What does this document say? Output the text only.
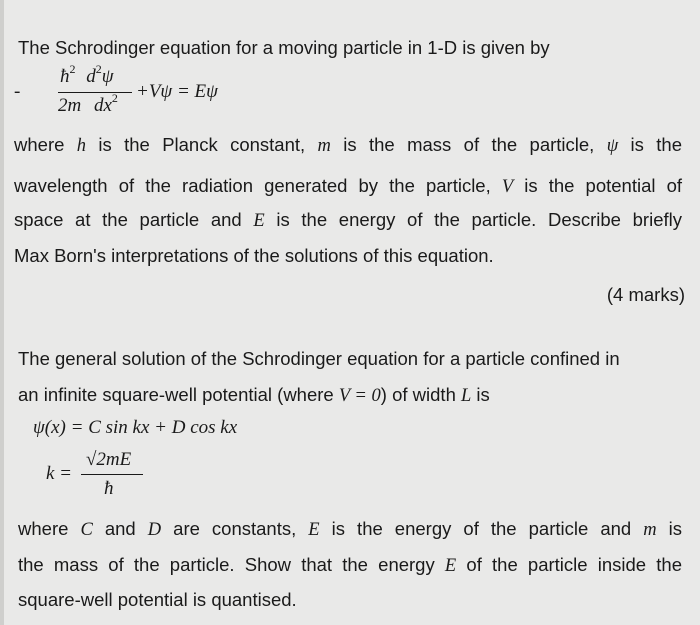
The Schrodinger equation for a moving particle in 1-D is given by
-
$ħ^2$ $d^2\psi$
2m $dx^2 +V\psi = E\psi$
where h is the Planck constant, m is the mass of the particle, ψ is the
wavelength of the radiation generated by the particle, V is the potential of
space at the particle and E is the energy of the particle. Describe briefly
Max Born's interpretations of the solutions of this equation.
(4 marks)
The general solution of the Schrodinger equation for a particle confined in
an infinite square-well potential (where V = 0) of width L is
ψ(x) = C sin kx + D cos kx
k =
√2mE
ħ
where C and D are constants, E is the energy of the particle and m is
the mass of the particle. Show that the energy E of the particle inside the
square-well potential is quantised.
